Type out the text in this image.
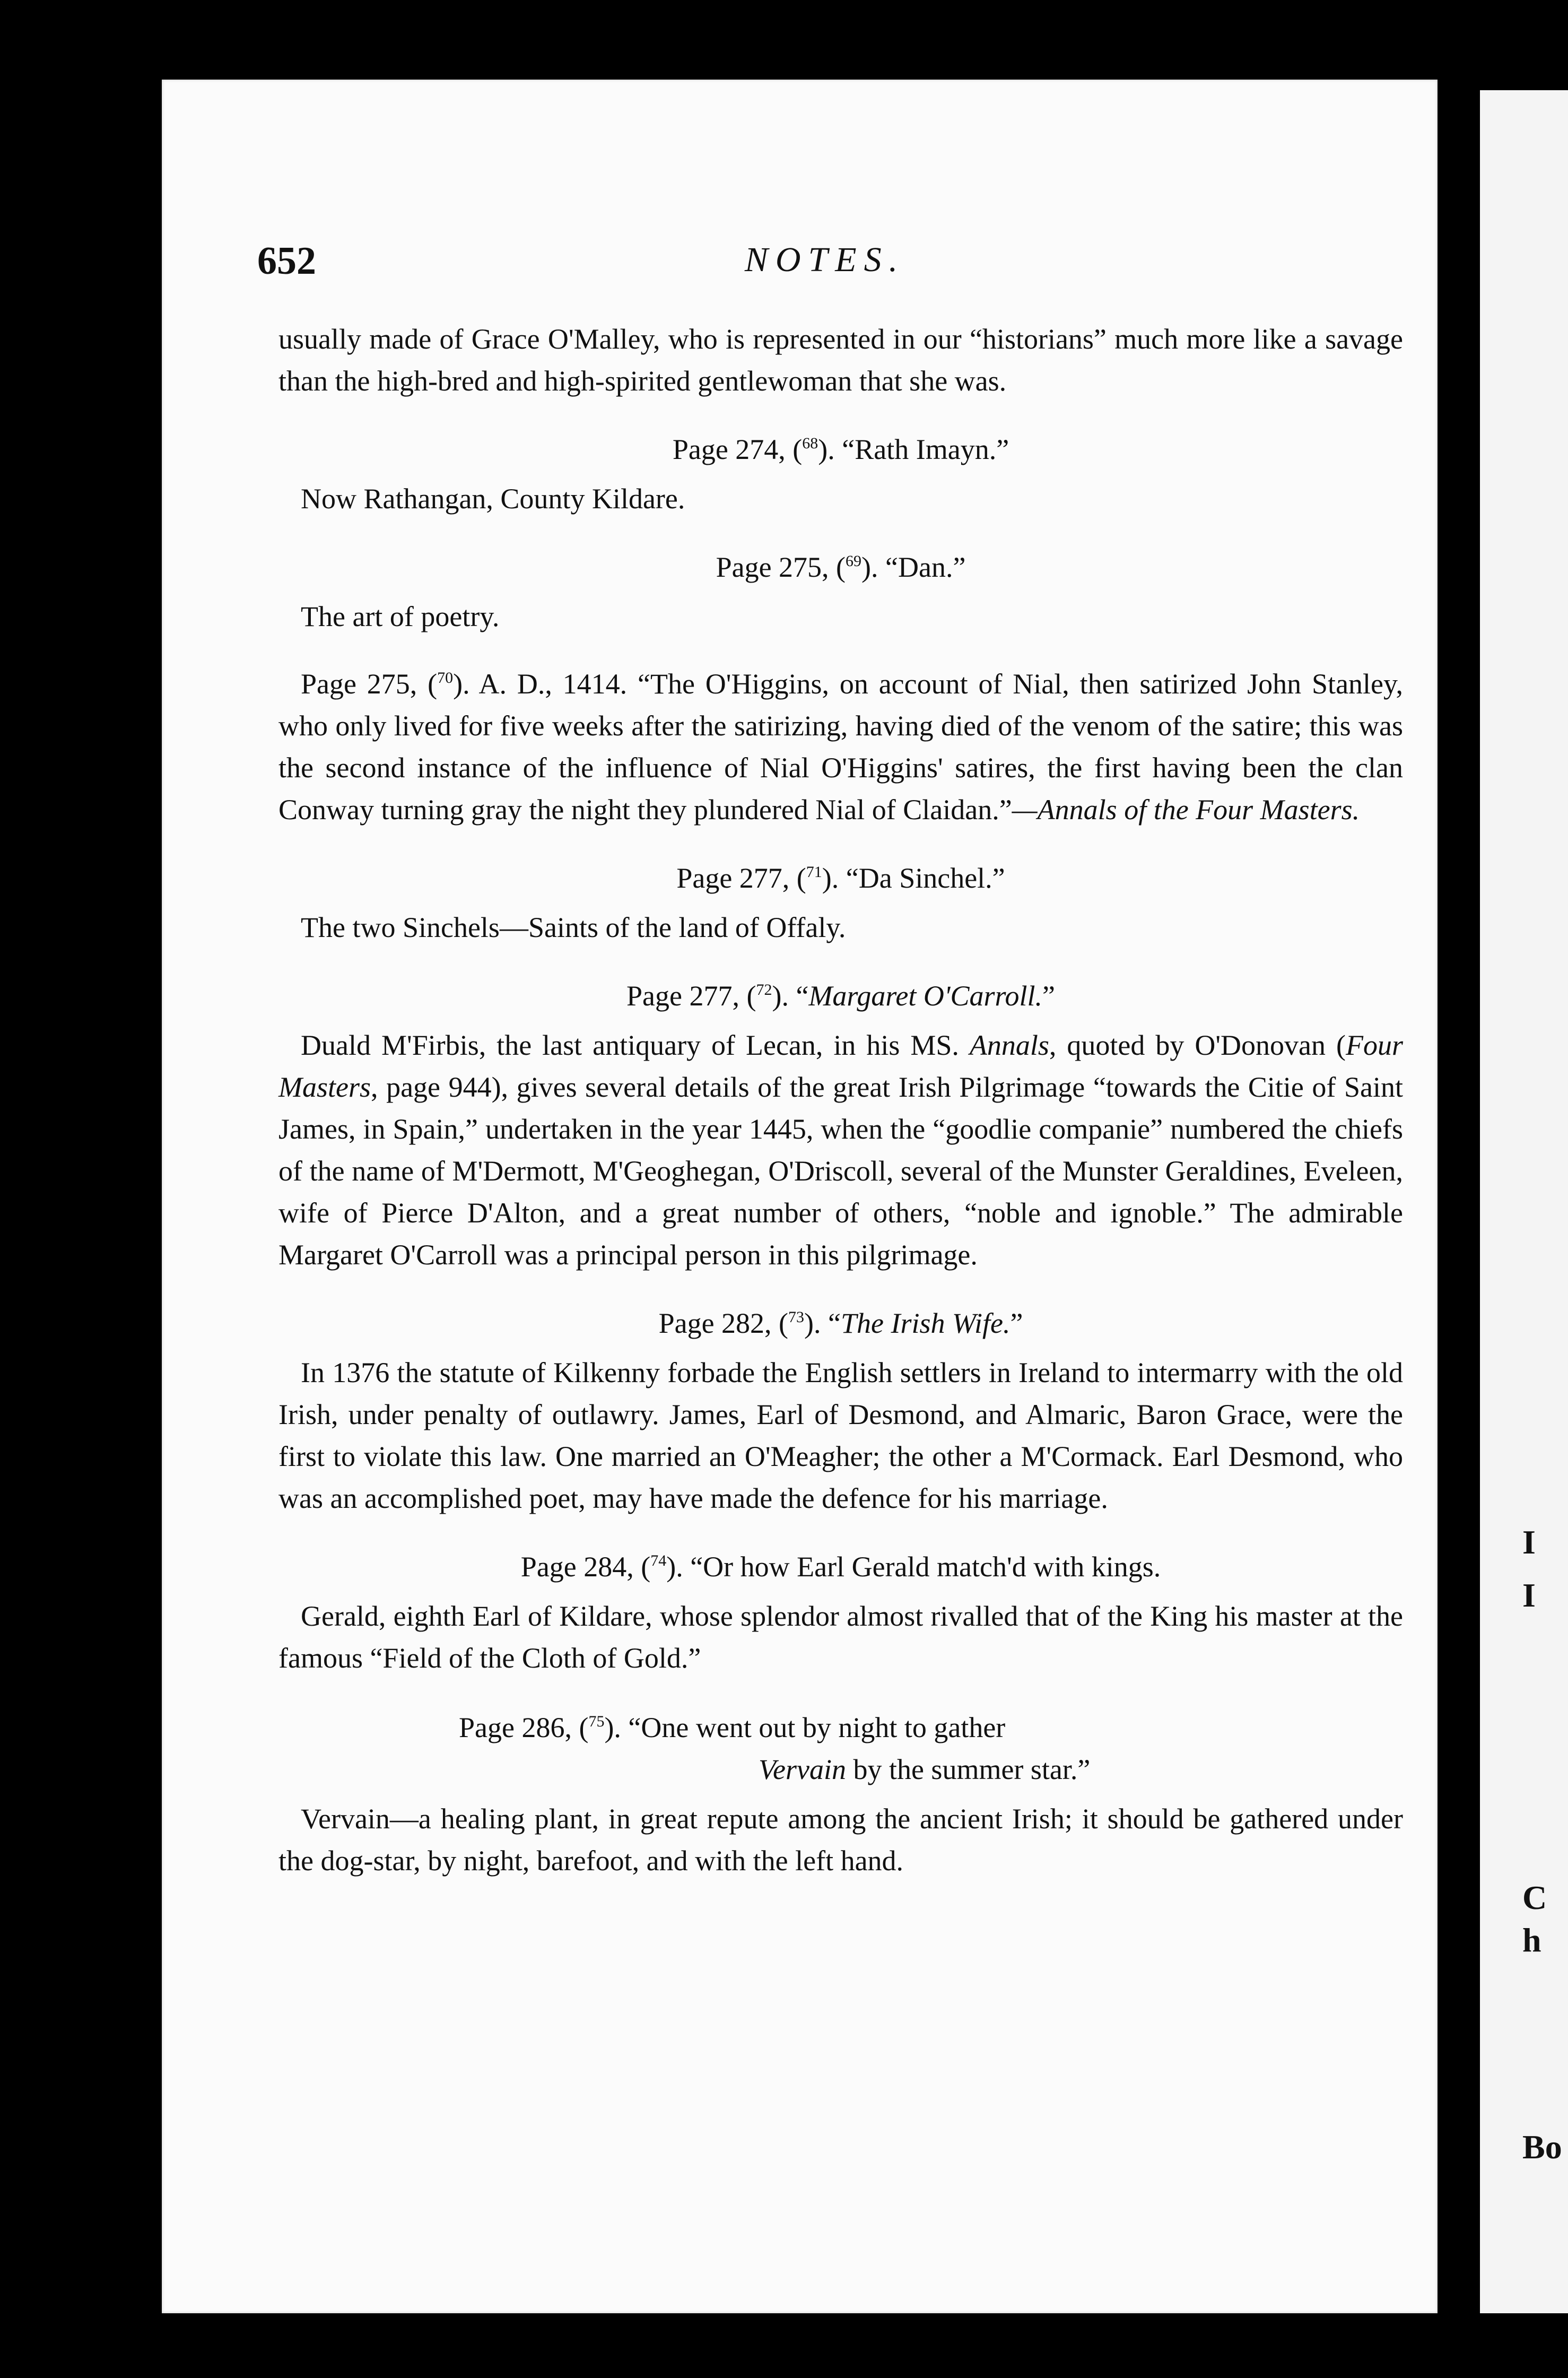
I
I
C
h
Bo
652	NOTES.

usually made of Grace O'Malley, who is represented in our “historians” much more like a savage than the high-bred and high-spirited gentlewoman that she was.

Page 274, ($^{68}$). “Rath Imayn.”

Now Rathangan, County Kildare.

Page 275, ($^{69}$). “Dan.”

The art of poetry.

Page 275, ($^{70}$). A. D., 1414. “The O'Higgins, on account of Nial, then satirized John Stanley, who only lived for five weeks after the satirizing, having died of the venom of the satire; this was the second instance of the influence of Nial O'Higgins' satires, the first having been the clan Conway turning gray the night they plundered Nial of Claidan.”—Annals of the Four Masters.

Page 277, ($^{71}$). “Da Sinchel.”

The two Sinchels—Saints of the land of Offaly.

Page 277, ($^{72}$). “Margaret O'Carroll.”

Duald M'Firbis, the last antiquary of Lecan, in his MS. Annals, quoted by O'Donovan (Four Masters, page 944), gives several details of the great Irish Pilgrimage “towards the Citie of Saint James, in Spain,” undertaken in the year 1445, when the “goodlie companie” numbered the chiefs of the name of M'Dermott, M'Geoghegan, O'Driscoll, several of the Munster Geraldines, Eveleen, wife of Pierce D'Alton, and a great number of others, “noble and ignoble.” The admirable Margaret O'Carroll was a principal person in this pilgrimage.

Page 282, ($^{73}$). “The Irish Wife.”

In 1376 the statute of Kilkenny forbade the English settlers in Ireland to intermarry with the old Irish, under penalty of outlawry. James, Earl of Desmond, and Almaric, Baron Grace, were the first to violate this law. One married an O'Meagher; the other a M'Cormack. Earl Desmond, who was an accomplished poet, may have made the defence for his marriage.

Page 284, ($^{74}$). “Or how Earl Gerald match'd with kings.

Gerald, eighth Earl of Kildare, whose splendor almost rivalled that of the King his master at the famous “Field of the Cloth of Gold.”

Page 286, ($^{75}$). “One went out by night to gather
Vervain by the summer star.”

Vervain—a healing plant, in great repute among the ancient Irish; it should be gathered under the dog-star, by night, barefoot, and with the left hand.
